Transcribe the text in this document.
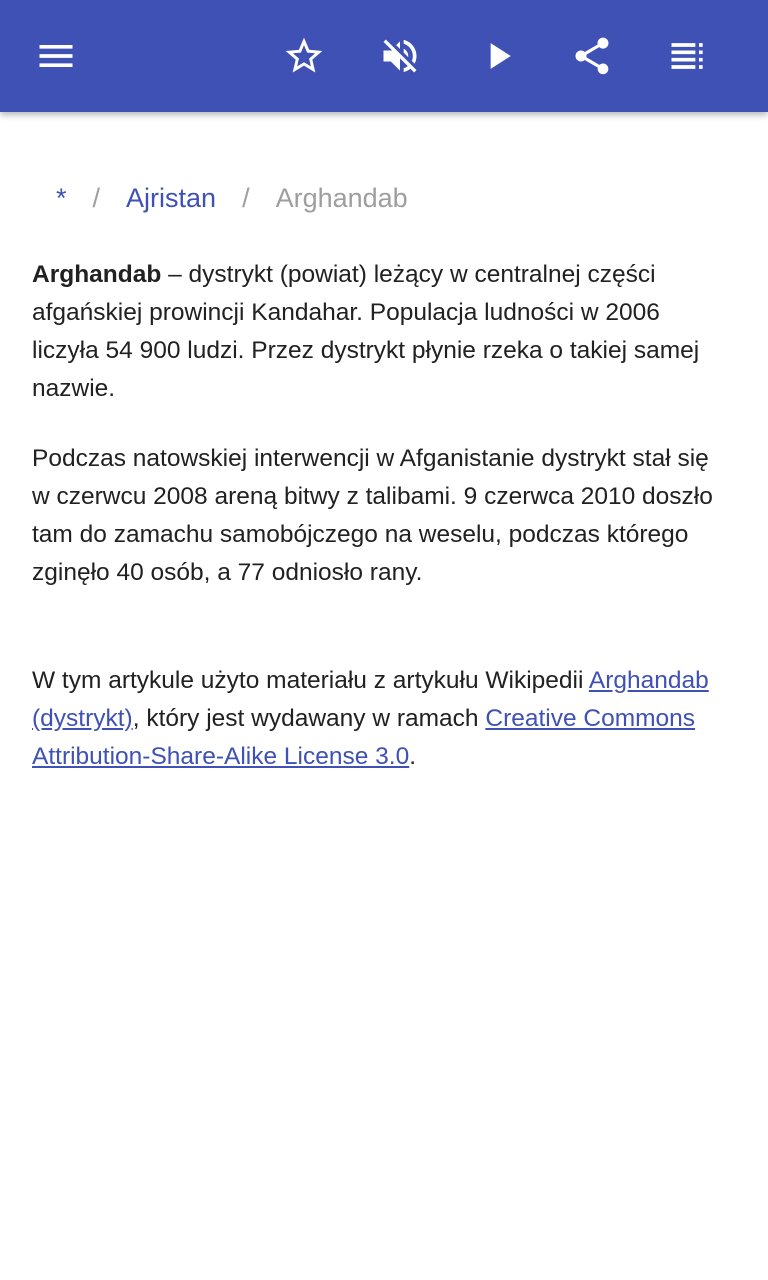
* / Ajristan / Arghandab

Arghandab – dystrykt (powiat) leżący w centralnej części afgańskiej prowincji Kandahar. Populacja ludności w 2006 liczyła 54 900 ludzi. Przez dystrykt płynie rzeka o takiej samej nazwie.

Podczas natowskiej interwencji w Afganistanie dystrykt stał się w czerwcu 2008 areną bitwy z talibami. 9 czerwca 2010 doszło tam do zamachu samobójczego na weselu, podczas którego zginęło 40 osób, a 77 odniosło rany.

W tym artykule użyto materiału z artykułu Wikipedii Arghandab (dystrykt), który jest wydawany w ramach Creative Commons Attribution-Share-Alike License 3.0.
